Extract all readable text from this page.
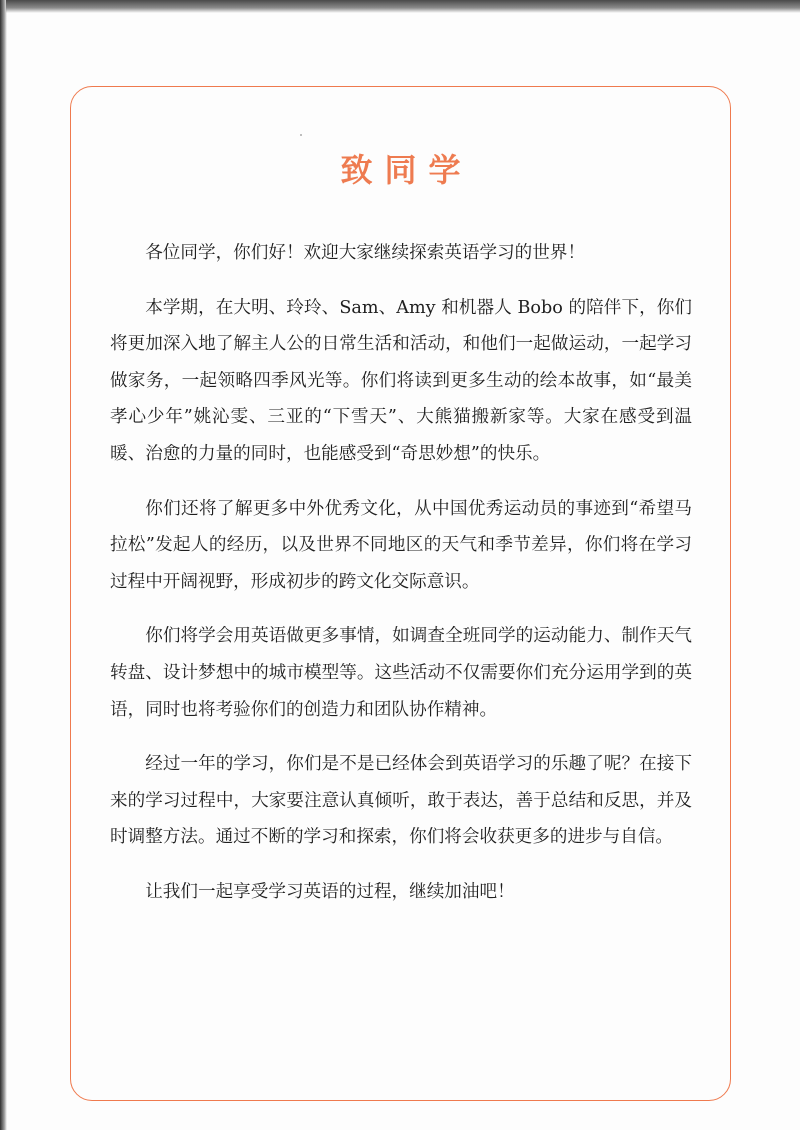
致同学

各位同学，你们好！欢迎大家继续探索英语学习的世界！

本学期，在大明、玲玲、Sam、Amy 和机器人 Bobo 的陪伴下，你们将更加深入地了解主人公的日常生活和活动，和他们一起做运动，一起学习做家务，一起领略四季风光等。你们将读到更多生动的绘本故事，如“最美孝心少年”姚沁雯、三亚的“下雪天”、大熊猫搬新家等。大家在感受到温暖、治愈的力量的同时，也能感受到“奇思妙想”的快乐。

你们还将了解更多中外优秀文化，从中国优秀运动员的事迹到“希望马拉松”发起人的经历，以及世界不同地区的天气和季节差异，你们将在学习过程中开阔视野，形成初步的跨文化交际意识。

你们将学会用英语做更多事情，如调查全班同学的运动能力、制作天气转盘、设计梦想中的城市模型等。这些活动不仅需要你们充分运用学到的英语，同时也将考验你们的创造力和团队协作精神。

经过一年的学习，你们是不是已经体会到英语学习的乐趣了呢？在接下来的学习过程中，大家要注意认真倾听，敢于表达，善于总结和反思，并及时调整方法。通过不断的学习和探索，你们将会收获更多的进步与自信。

让我们一起享受学习英语的过程，继续加油吧！
